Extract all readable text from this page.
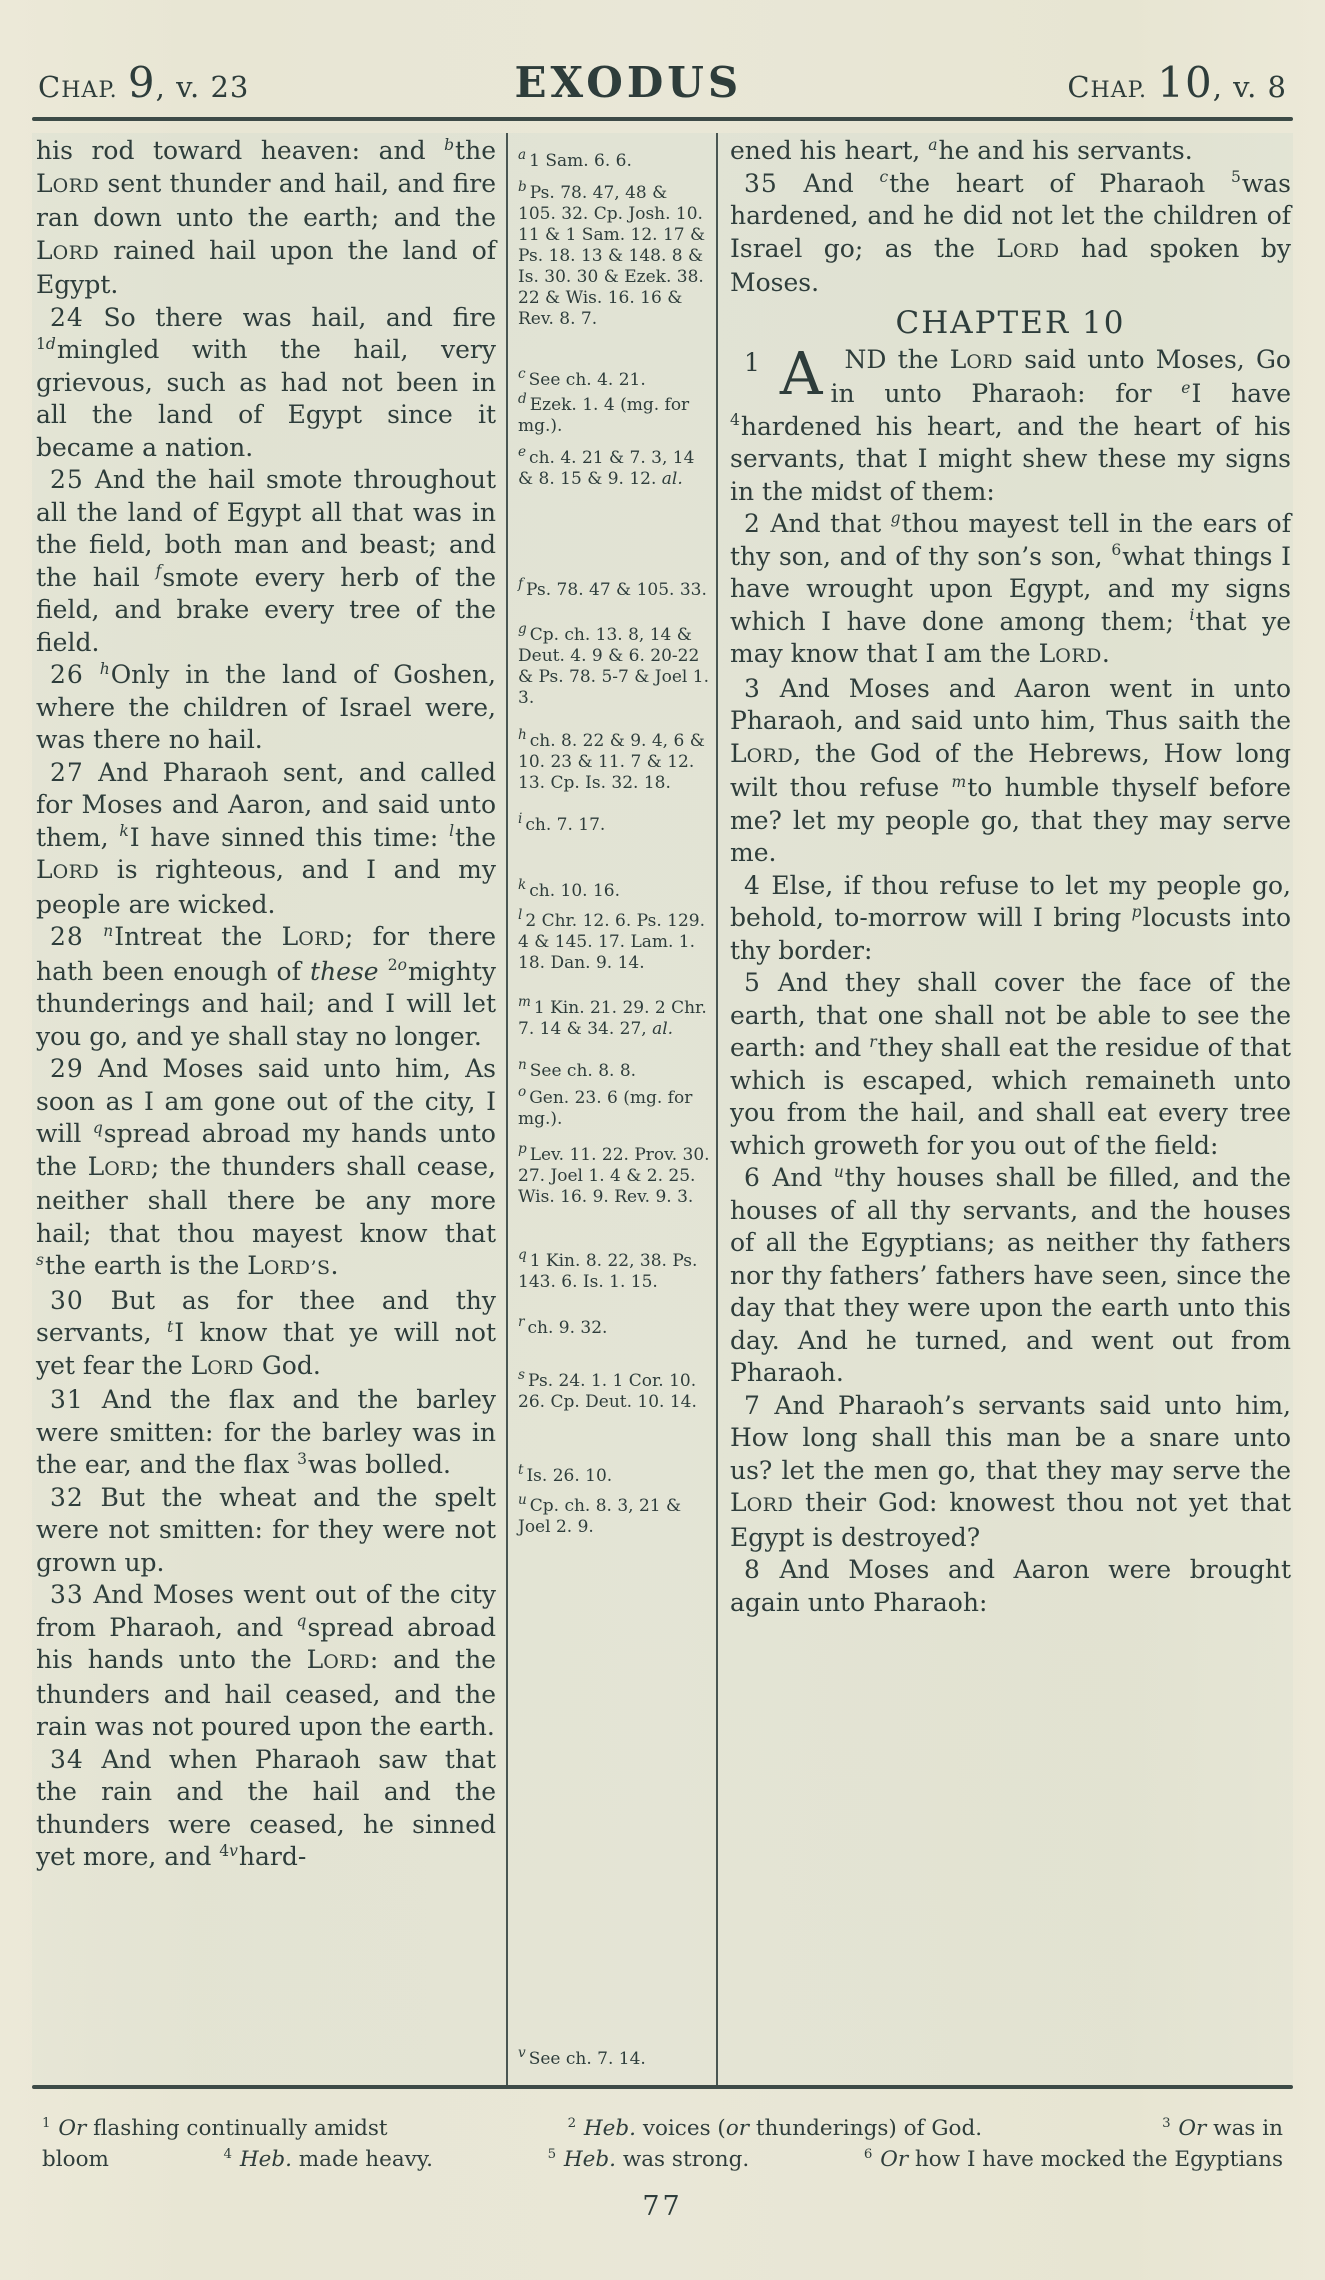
CHAP. 9, v. 23	EXODUS	CHAP. 10, v. 8

his rod toward heaven: and $^b$the LORD sent thunder and hail, and fire ran down unto the earth; and the LORD rained hail upon the land of Egypt.

24 So there was hail, and fire $^{1d}$mingled with the hail, very grievous, such as had not been in all the land of Egypt since it became a nation.

25 And the hail smote throughout all the land of Egypt all that was in the field, both man and beast; and the hail $^f$smote every herb of the field, and brake every tree of the field.

26 $^h$Only in the land of Goshen, where the children of Israel were, was there no hail.

27 And Pharaoh sent, and called for Moses and Aaron, and said unto them, $^k$I have sinned this time: $^l$the LORD is righteous, and I and my people are wicked.

28 $^n$Intreat the LORD; for there hath been enough of these $^{2o}$mighty thunderings and hail; and I will let you go, and ye shall stay no longer.

29 And Moses said unto him, As soon as I am gone out of the city, I will $^q$spread abroad my hands unto the LORD; the thunders shall cease, neither shall there be any more hail; that thou mayest know that $^s$the earth is the LORD’S.

30 But as for thee and thy servants, $^t$I know that ye will not yet fear the LORD God.

31 And the flax and the barley were smitten: for the barley was in the ear, and the flax $^3$was bolled.

32 But the wheat and the spelt were not smitten: for they were not grown up.

33 And Moses went out of the city from Pharaoh, and $^q$spread abroad his hands unto the LORD: and the thunders and hail ceased, and the rain was not poured upon the earth.

34 And when Pharaoh saw that the rain and the hail and the thunders were ceased, he sinned yet more, and $^{4v}$hard-

$^a$ 1 Sam. 6. 6.
$^b$ Ps. 78. 47, 48 & 105. 32. Cp. Josh. 10. 11 & 1 Sam. 12. 17 & Ps. 18. 13 & 148. 8 & Is. 30. 30 & Ezek. 38. 22 & Wis. 16. 16 & Rev. 8. 7.
$^c$ See ch. 4. 21.
$^d$ Ezek. 1. 4 (mg. for mg.).
$^e$ ch. 4. 21 & 7. 3, 14 & 8. 15 & 9. 12. al.
$^f$ Ps. 78. 47 & 105. 33.
$^g$ Cp. ch. 13. 8, 14 & Deut. 4. 9 & 6. 20-22 & Ps. 78. 5-7 & Joel 1. 3.
$^h$ ch. 8. 22 & 9. 4, 6 & 10. 23 & 11. 7 & 12. 13. Cp. Is. 32. 18.
$^i$ ch. 7. 17.
$^k$ ch. 10. 16.
$^l$ 2 Chr. 12. 6. Ps. 129. 4 & 145. 17. Lam. 1. 18. Dan. 9. 14.
$^m$ 1 Kin. 21. 29. 2 Chr. 7. 14 & 34. 27, al.
$^n$ See ch. 8. 8.
$^o$ Gen. 23. 6 (mg. for mg.).
$^p$ Lev. 11. 22. Prov. 30. 27. Joel 1. 4 & 2. 25. Wis. 16. 9. Rev. 9. 3.
$^q$ 1 Kin. 8. 22, 38. Ps. 143. 6. Is. 1. 15.
$^r$ ch. 9. 32.
$^s$ Ps. 24. 1. 1 Cor. 10. 26. Cp. Deut. 10. 14.
$^t$ Is. 26. 10.
$^u$ Cp. ch. 8. 3, 21 & Joel 2. 9.
$^v$ See ch. 7. 14.

ened his heart, $^a$he and his servants.

35 And $^c$the heart of Pharaoh $^5$was hardened, and he did not let the children of Israel go; as the LORD had spoken by Moses.

CHAPTER 10

1 A ND the LORD said unto Moses, Go in unto Pharaoh: for $^e$I have $^4$hardened his heart, and the heart of his servants, that I might shew these my signs in the midst of them:

2 And that $^g$thou mayest tell in the ears of thy son, and of thy son’s son, $^6$what things I have wrought upon Egypt, and my signs which I have done among them; $^i$that ye may know that I am the LORD.

3 And Moses and Aaron went in unto Pharaoh, and said unto him, Thus saith the LORD, the God of the Hebrews, How long wilt thou refuse $^m$to humble thyself before me? let my people go, that they may serve me.

4 Else, if thou refuse to let my people go, behold, to-morrow will I bring $^p$locusts into thy border:

5 And they shall cover the face of the earth, that one shall not be able to see the earth: and $^r$they shall eat the residue of that which is escaped, which remaineth unto you from the hail, and shall eat every tree which groweth for you out of the field:

6 And $^u$thy houses shall be filled, and the houses of all thy servants, and the houses of all the Egyptians; as neither thy fathers nor thy fathers’ fathers have seen, since the day that they were upon the earth unto this day. And he turned, and went out from Pharaoh.

7 And Pharaoh’s servants said unto him, How long shall this man be a snare unto us? let the men go, that they may serve the LORD their God: knowest thou not yet that Egypt is destroyed?

8 And Moses and Aaron were brought again unto Pharaoh:

$^1$ Or flashing continually amidst	$^2$ Heb. voices (or thunderings) of God.	$^3$ Or was in
bloom	$^4$ Heb. made heavy.	$^5$ Heb. was strong.	$^6$ Or how I have mocked the Egyptians
77
